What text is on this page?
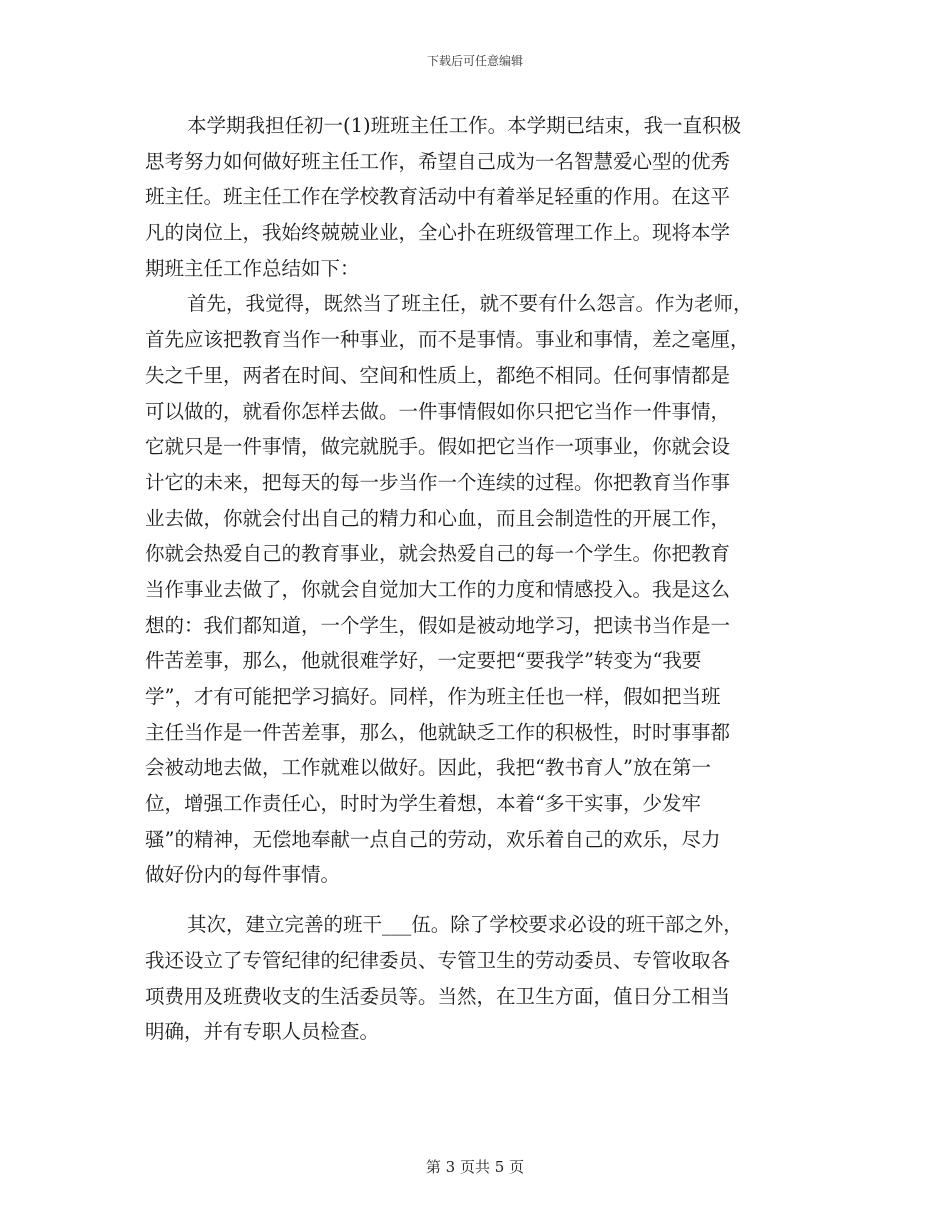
下载后可任意编辑
本学期我担任初一(1)班班主任工作。本学期已结束，我一直积极
思考努力如何做好班主任工作，希望自己成为一名智慧爱心型的优秀
班主任。班主任工作在学校教育活动中有着举足轻重的作用。在这平
凡的岗位上，我始终兢兢业业，全心扑在班级管理工作上。现将本学
期班主任工作总结如下：
首先，我觉得，既然当了班主任，就不要有什么怨言。作为老师，
首先应该把教育当作一种事业，而不是事情。事业和事情，差之毫厘，
失之千里，两者在时间、空间和性质上，都绝不相同。任何事情都是
可以做的，就看你怎样去做。一件事情假如你只把它当作一件事情，
它就只是一件事情，做完就脱手。假如把它当作一项事业，你就会设
计它的未来，把每天的每一步当作一个连续的过程。你把教育当作事
业去做，你就会付出自己的精力和心血，而且会制造性的开展工作，
你就会热爱自己的教育事业，就会热爱自己的每一个学生。你把教育
当作事业去做了，你就会自觉加大工作的力度和情感投入。我是这么
想的：我们都知道，一个学生，假如是被动地学习，把读书当作是一
件苦差事，那么，他就很难学好，一定要把“要我学”转变为“我要
学”，才有可能把学习搞好。同样，作为班主任也一样，假如把当班
主任当作是一件苦差事，那么，他就缺乏工作的积极性，时时事事都
会被动地去做，工作就难以做好。因此，我把“教书育人”放在第一
位，增强工作责任心，时时为学生着想，本着“多干实事，少发牢
骚”的精神，无偿地奉献一点自己的劳动，欢乐着自己的欢乐，尽力
做好份内的每件事情。
其次，建立完善的班干___伍。除了学校要求必设的班干部之外，
我还设立了专管纪律的纪律委员、专管卫生的劳动委员、专管收取各
项费用及班费收支的生活委员等。当然，在卫生方面，值日分工相当
明确，并有专职人员检查。
第 3 页共 5 页
